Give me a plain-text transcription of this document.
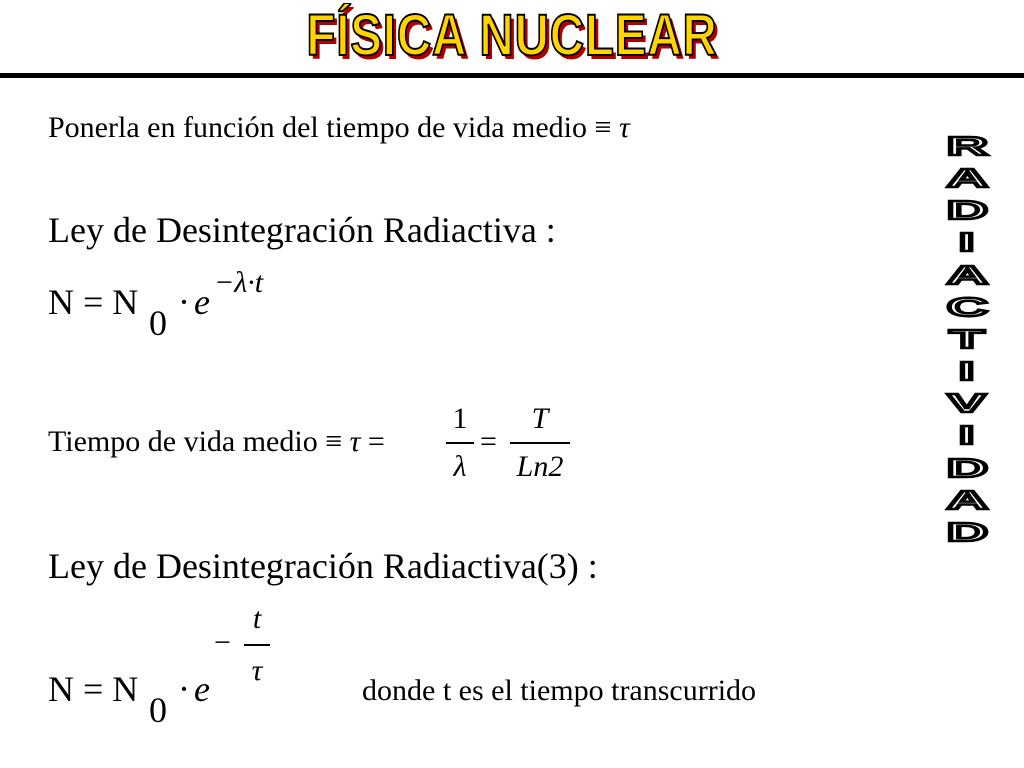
FÍSICA NUCLEAR
R
A
D
I
A
C
T
I
V
I
D
A
D
Ponerla en función del tiempo de vida medio ≡ τ
Ley de Desintegración Radiactiva :
N = N
0
· e −λ·t
Tiempo de vida medio ≡ τ =
1
λ
=
T
Ln2
Ley de Desintegración Radiactiva(3) :
−
t
τ
N = N
0
· e	donde t es el tiempo transcurrido
